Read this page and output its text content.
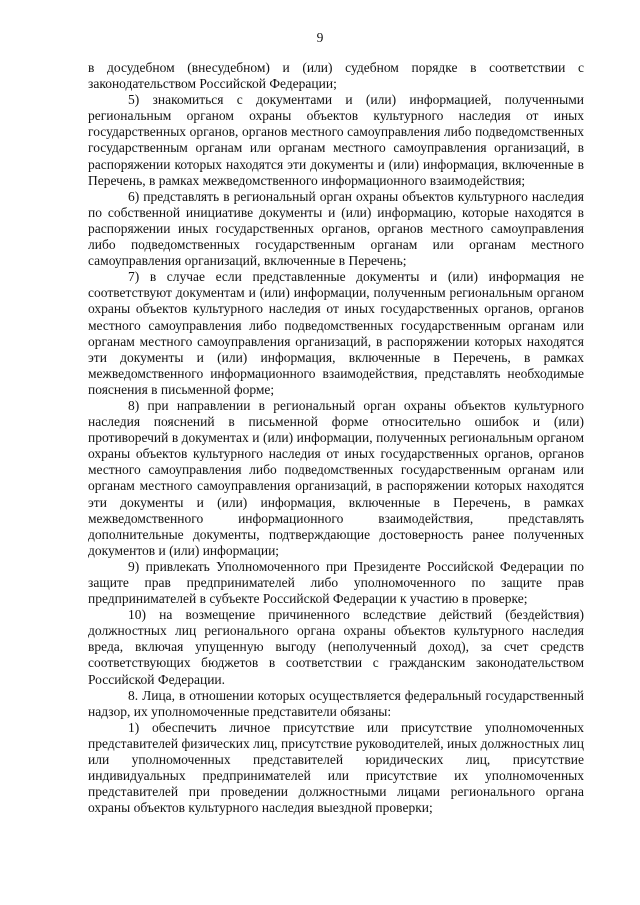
9

в досудебном (внесудебном) и (или) судебном порядке в соответствии с законодательством Российской Федерации;

5) знакомиться с документами и (или) информацией, полученными региональным органом охраны объектов культурного наследия от иных государственных органов, органов местного самоуправления либо подведомственных государственным органам или органам местного самоуправления организаций, в распоряжении которых находятся эти документы и (или) информация, включенные в Перечень, в рамках межведомственного информационного взаимодействия;

6) представлять в региональный орган охраны объектов культурного наследия по собственной инициативе документы и (или) информацию, которые находятся в распоряжении иных государственных органов, органов местного самоуправления либо подведомственных государственным органам или органам местного самоуправления организаций, включенные в Перечень;

7) в случае если представленные документы и (или) информация не соответствуют документам и (или) информации, полученным региональным органом охраны объектов культурного наследия от иных государственных органов, органов местного самоуправления либо подведомственных государственным органам или органам местного самоуправления организаций, в распоряжении которых находятся эти документы и (или) информация, включенные в Перечень, в рамках межведомственного информационного взаимодействия, представлять необходимые пояснения в письменной форме;

8) при направлении в региональный орган охраны объектов культурного наследия пояснений в письменной форме относительно ошибок и (или) противоречий в документах и (или) информации, полученных региональным органом охраны объектов культурного наследия от иных государственных органов, органов местного самоуправления либо подведомственных государственным органам или органам местного самоуправления организаций, в распоряжении которых находятся эти документы и (или) информация, включенные в Перечень, в рамках межведомственного информационного взаимодействия, представлять дополнительные документы, подтверждающие достоверность ранее полученных документов и (или) информации;

9) привлекать Уполномоченного при Президенте Российской Федерации по защите прав предпринимателей либо уполномоченного по защите прав предпринимателей в субъекте Российской Федерации к участию в проверке;

10) на возмещение причиненного вследствие действий (бездействия) должностных лиц регионального органа охраны объектов культурного наследия вреда, включая упущенную выгоду (неполученный доход), за счет средств соответствующих бюджетов в соответствии с гражданским законодательством Российской Федерации.

8. Лица, в отношении которых осуществляется федеральный государственный надзор, их уполномоченные представители обязаны:

1) обеспечить личное присутствие или присутствие уполномоченных представителей физических лиц, присутствие руководителей, иных должностных лиц или уполномоченных представителей юридических лиц, присутствие индивидуальных предпринимателей или присутствие их уполномоченных представителей при проведении должностными лицами регионального органа охраны объектов культурного наследия выездной проверки;
